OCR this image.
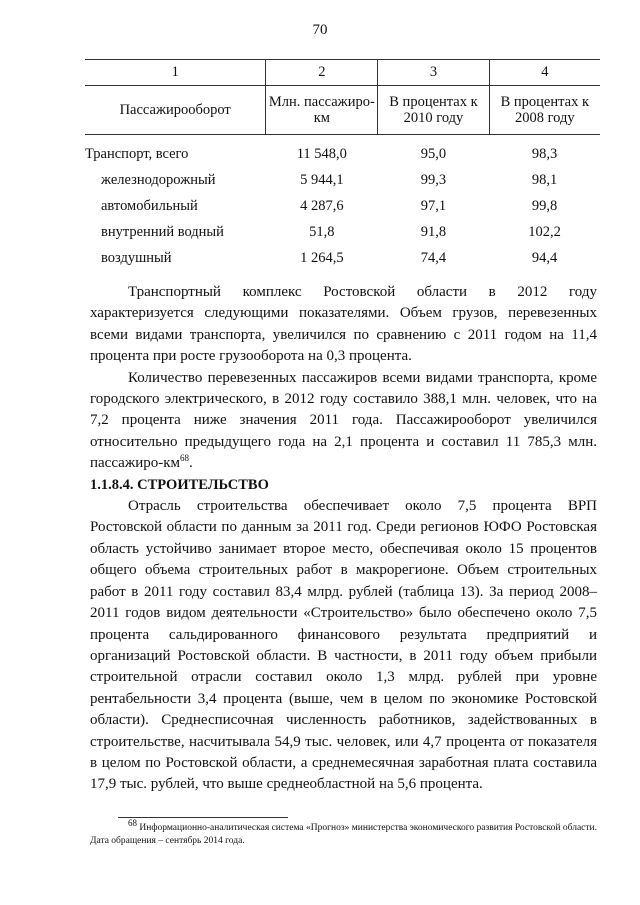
70
1	2	3	4
Пассажирооборот	Млн. пассажиро-км	В процентах к 2010 году	В процентах к 2008 году
Транспорт, всего	11 548,0	95,0	98,3
железнодорожный	5 944,1	99,3	98,1
автомобильный	4 287,6	97,1	99,8
внутренний водный	51,8	91,8	102,2
воздушный	1 264,5	74,4	94,4

Транспортный комплекс Ростовской области в 2012 году характеризуется следующими показателями. Объем грузов, перевезенных всеми видами транспорта, увеличился по сравнению с 2011 годом на 11,4 процента при росте грузооборота на 0,3 процента.

Количество перевезенных пассажиров всеми видами транспорта, кроме городского электрического, в 2012 году составило 388,1 млн. человек, что на 7,2 процента ниже значения 2011 года. Пассажирооборот увеличился относительно предыдущего года на 2,1 процента и составил 11 785,3 млн. пассажиро-$км^{68}$.

1.1.8.4. СТРОИТЕЛЬСТВО

Отрасль строительства обеспечивает около 7,5 процента ВРП Ростовской области по данным за 2011 год. Среди регионов ЮФО Ростовская область устойчиво занимает второе место, обеспечивая около 15 процентов общего объема строительных работ в макрорегионе. Объем строительных работ в 2011 году составил 83,4 млрд. рублей (таблица 13). За период 2008–2011 годов видом деятельности «Строительство» было обеспечено около 7,5 процента сальдированного финансового результата предприятий и организаций Ростовской области. В частности, в 2011 году объем прибыли строительной отрасли составил около 1,3 млрд. рублей при уровне рентабельности 3,4 процента (выше, чем в целом по экономике Ростовской области). Среднесписочная численность работников, задействованных в строительстве, насчитывала 54,9 тыс. человек, или 4,7 процента от показателя в целом по Ростовской области, а среднемесячная заработная плата составила 17,9 тыс. рублей, что выше среднеобластной на 5,6 процента.

$^{68}$ Информационно-аналитическая система «Прогноз» министерства экономического развития Ростовской области. Дата обращения – сентябрь 2014 года.
